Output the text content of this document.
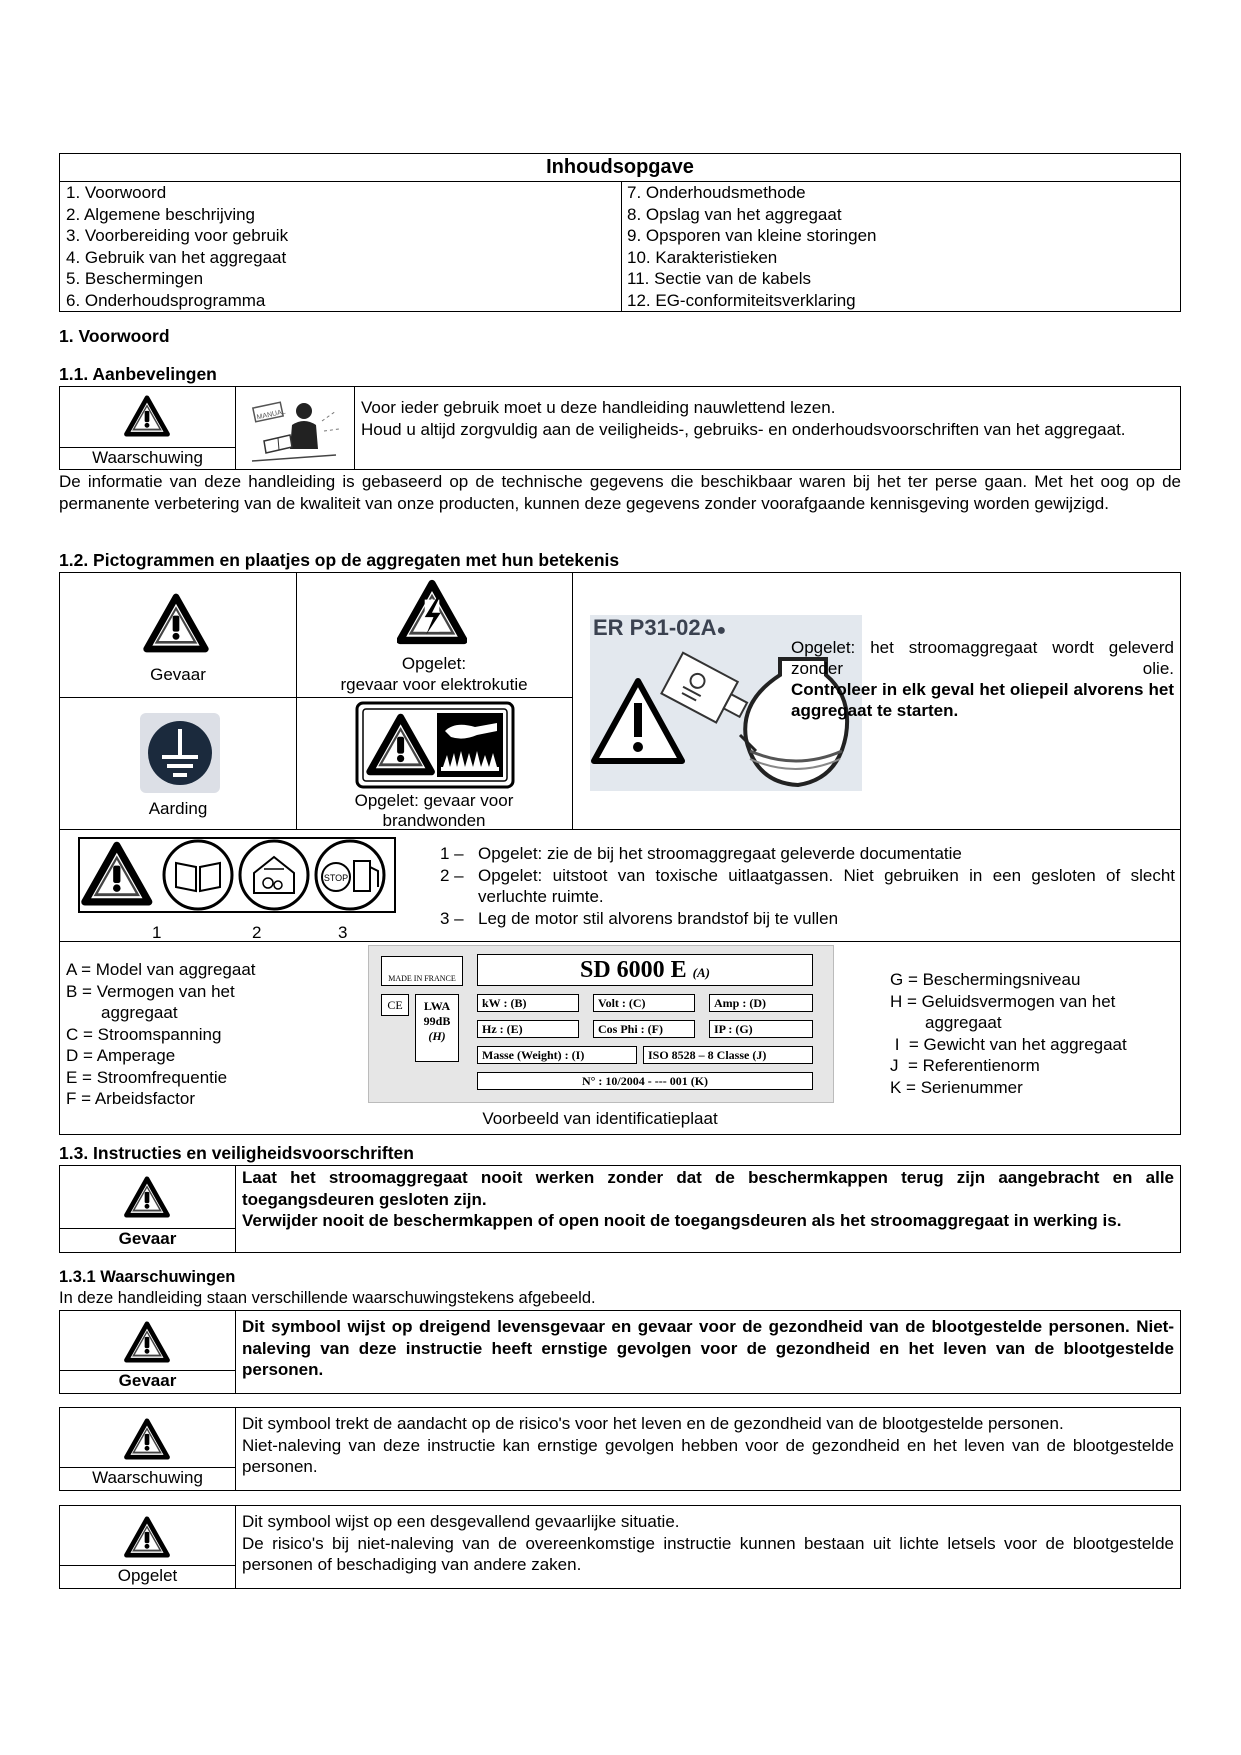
Inhoudsopgave
1. Voorwoord
2. Algemene beschrijving
3. Voorbereiding voor gebruik
4. Gebruik van het aggregaat
5. Beschermingen
6. Onderhoudsprogramma
7. Onderhoudsmethode
8. Opslag van het aggregaat
9. Opsporen van kleine storingen
10. Karakteristieken
11. Sectie van de kabels
12. EG-conformiteitsverklaring
1. Voorwoord
1.1. Aanbevelingen
Waarschuwing
MANUAL	Voor ieder gebruik moet u deze handleiding nauwlettend lezen.
Houd u altijd zorgvuldig aan de veiligheids-, gebruiks- en onderhoudsvoorschriften van het aggregaat.
De informatie van deze handleiding is gebaseerd op de technische gegevens die beschikbaar waren bij het ter perse gaan. Met het oog op de permanente verbetering van de kwaliteit van onze producten, kunnen deze gegevens zonder voorafgaande kennisgeving worden gewijzigd.
1.2. Pictogrammen en plaatjes op de aggregaten met hun betekenis
Gevaar
Opgelet:
rgevaar voor elektrokutie
Aarding	Opgelet: gevaar voor
brandwonden
ER P31-02A●
Opgelet: het stroomaggregaat wordt geleverd zonder olie.
Controleer in elk geval het oliepeil alvorens het aggregaat te starten.
STOP
1	2	3
1 – Opgelet: zie de bij het stroomaggregaat geleverde documentatie
2 – Opgelet: uitstoot van toxische uitlaatgassen. Niet gebruiken in een gesloten of slecht verluchte ruimte.
3 – Leg de motor stil alvorens brandstof bij te vullen
A = Model van aggregaat
B = Vermogen van het
aggregaat
C = Stroomspanning
D = Amperage
E = Stroomfrequentie
F = Arbeidsfactor
MADE IN FRANCE	SD 6000 E (A)
CE	LWA
99dB
(H)
kW : (B)	Volt : (C)	Amp : (D)
Hz : (E)	Cos Phi : (F)	IP : (G)
Masse (Weight) : (I)	ISO 8528 – 8 Classe (J)
N° : 10/2004 - --- 001 (K)
Voorbeeld van identificatieplaat
G = Beschermingsniveau
H = Geluidsvermogen van het
aggregaat
I  = Gewicht van het aggregaat
J  = Referentienorm
K = Serienummer
1.3. Instructies en veiligheidsvoorschriften
Gevaar
Laat het stroomaggregaat nooit werken zonder dat de beschermkappen terug zijn aangebracht en alle toegangsdeuren gesloten zijn.
Verwijder nooit de beschermkappen of open nooit de toegangsdeuren als het stroomaggregaat in werking is.
1.3.1 Waarschuwingen
In deze handleiding staan verschillende waarschuwingstekens afgebeeld.
Gevaar
Dit symbool wijst op dreigend levensgevaar en gevaar voor de gezondheid van de blootgestelde personen. Niet-naleving van deze instructie heeft ernstige gevolgen voor de gezondheid en het leven van de blootgestelde personen.
Waarschuwing
Dit symbool trekt de aandacht op de risico's voor het leven en de gezondheid van de blootgestelde personen.
Niet-naleving van deze instructie kan ernstige gevolgen hebben voor de gezondheid en het leven van de blootgestelde personen.
Opgelet
Dit symbool wijst op een desgevallend gevaarlijke situatie.
De risico's bij niet-naleving van de overeenkomstige instructie kunnen bestaan uit lichte letsels voor de blootgestelde personen of beschadiging van andere zaken.
